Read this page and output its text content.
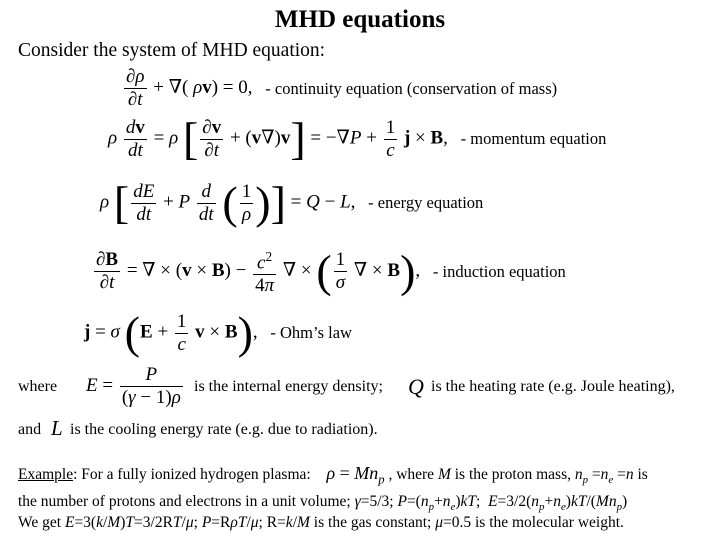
MHD equations
Consider the system of MHD equation:
$\frac{\partial\rho}{\partial t}$ + ∇( ρv) = 0, - continuity equation (conservation of mass)
ρ $\frac{dv}{dt} = \rho$ [ $\frac{\partial v}{\partial t} + (v\nabla)v] = -\nabla P + \frac{1}{c}$ j × B, - momentum equation
ρ [ $\frac{dE}{dt} + P \frac{d}{dt}$ ( $\frac{1}{\rho}$ )] = Q − L, - energy equation
$\frac{\partial B}{\partial t}$ = ∇ × $(v \times B) - \frac{c^2}{4\pi}$ ∇ × ( $\frac{1}{\sigma}$ ∇ × B), - induction equation
j = σ ($E + \frac{1}{c}$ v × B), - Ohm’s law
where $E = \frac{P}{(\gamma - 1)\rho}$ is the internal energy density; Q is the heating rate (e.g. Joule heating),
and L is the cooling energy rate (e.g. due to radiation).
Example: For a fully ionized hydrogen plasma: $\rho = Mn_p$ , where M is the proton mass, $n_p =n_e =n$ is
the number of protons and electrons in a unit volume; γ=5/3; $P=(n_p+n_e)kT$;  $E=3/2(n_p+n_e)kT/(Mn_p)$
We get E=3(k/M)T=3/2RT/μ; P=RρT/μ; R=k/M is the gas constant; μ=0.5 is the molecular weight.
